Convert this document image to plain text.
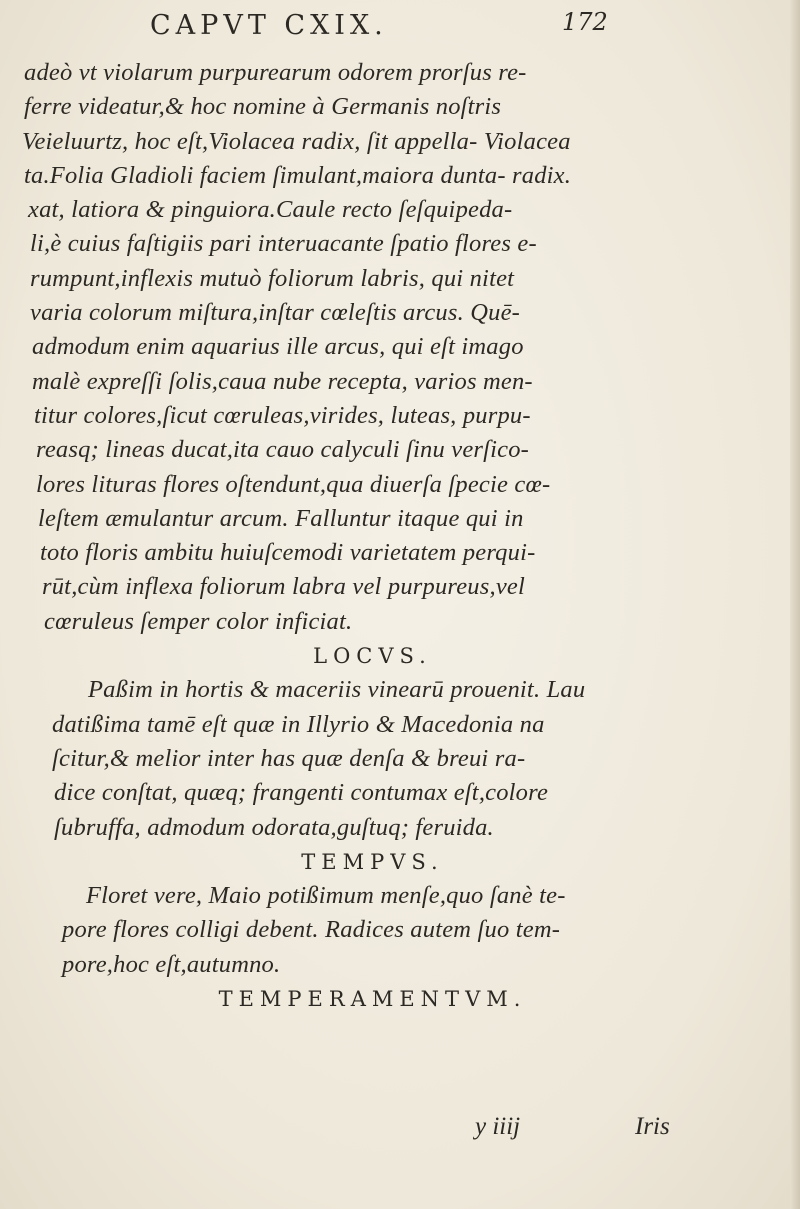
CAPVT CXIX.	172
adeò vt violarum purpurearum odorem prorſus re-
ferre videatur,& hoc nomine à Germanis noſtris
Veieluurtz, hoc eſt,Violacea radix, ſit appella- Violacea
ta.Folia Gladioli faciem ſimulant,maiora dunta- radix.
xat, latiora & pinguiora.Caule recto ſeſquipeda-
li,è cuius faſtigiis pari interuacante ſpatio flores e-
rumpunt,inflexis mutuò foliorum labris, qui nitet
varia colorum miſtura,inſtar cœleſtis arcus. Quē-
admodum enim aquarius ille arcus, qui eſt imago
malè expreſſi ſolis,caua nube recepta, varios men-
titur colores,ſicut cœruleas,virides, luteas, purpu-
reasq; lineas ducat,ita cauo calyculi ſinu verſico-
lores lituras flores oſtendunt,qua diuerſa ſpecie cœ-
leſtem æmulantur arcum. Falluntur itaque qui in
toto floris ambitu huiuſcemodi varietatem perqui-
rūt,cùm inflexa foliorum labra vel purpureus,vel
cœruleus ſemper color inficiat.
LOCVS.
Paßim in hortis & maceriis vinearū prouenit. Lau
datißima tamē eſt quæ in Illyrio & Macedonia na
ſcitur,& melior inter has quæ denſa & breui ra-
dice conſtat, quæq; frangenti contumax eſt,colore
ſubruffa, admodum odorata,guſtuq; feruida.
TEMPVS.
Floret vere, Maio potißimum menſe,quo ſanè te-
pore flores colligi debent. Radices autem ſuo tem-
pore,hoc eſt,autumno.
TEMPERAMENTVM.
y iiij	Iris
